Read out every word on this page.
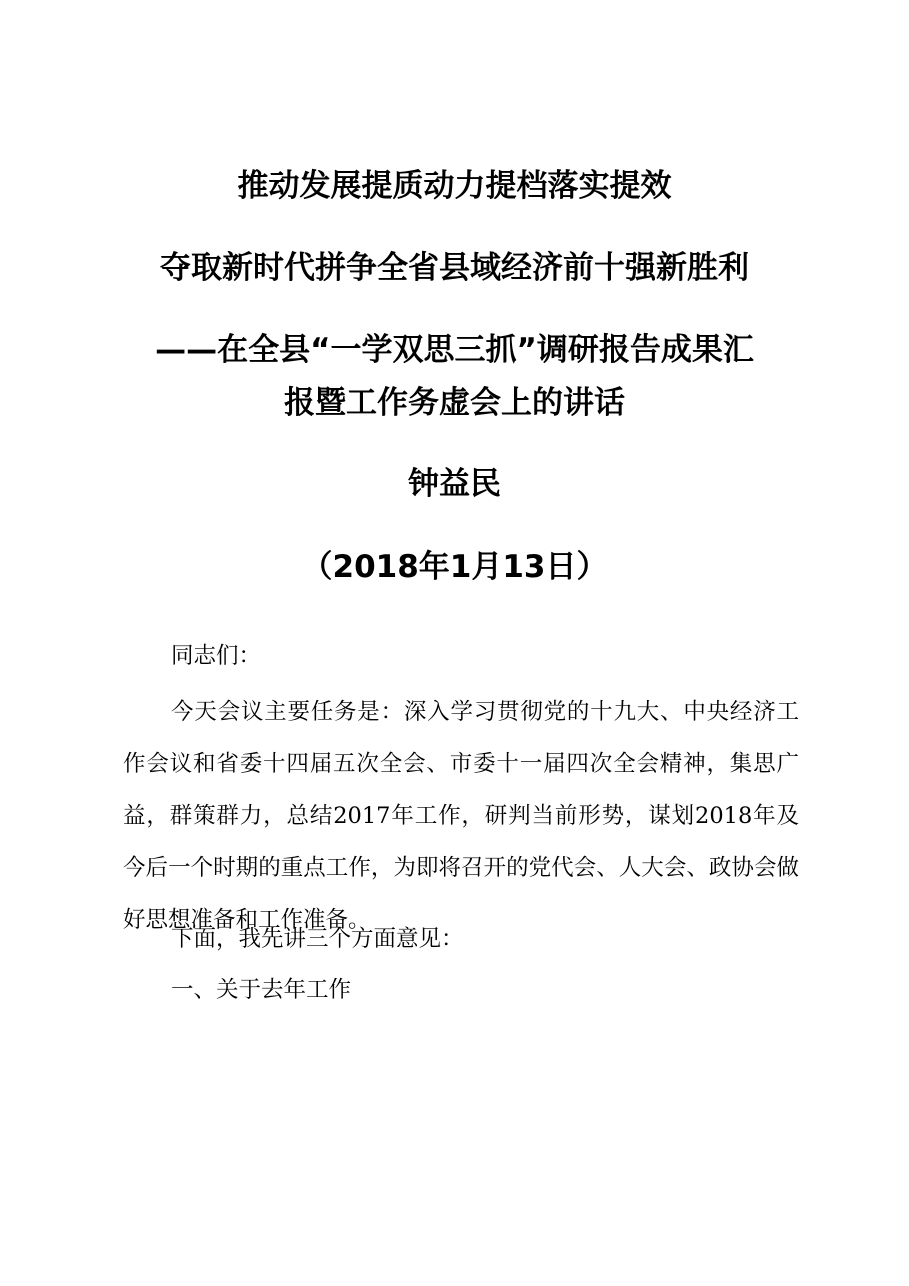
推动发展提质动力提档落实提效
夺取新时代拼争全省县域经济前十强新胜利
——在全县“一学双思三抓”调研报告成果汇
报暨工作务虚会上的讲话
钟益民
（2018年1月13日）
同志们：
今天会议主要任务是：深入学习贯彻党的十九大、中央经济工作会议和省委十四届五次全会、市委十一届四次全会精神，集思广益，群策群力，总结2017年工作，研判当前形势，谋划2018年及今后一个时期的重点工作，为即将召开的党代会、人大会、政协会做好思想准备和工作准备。
下面，我先讲三个方面意见：
一、关于去年工作
